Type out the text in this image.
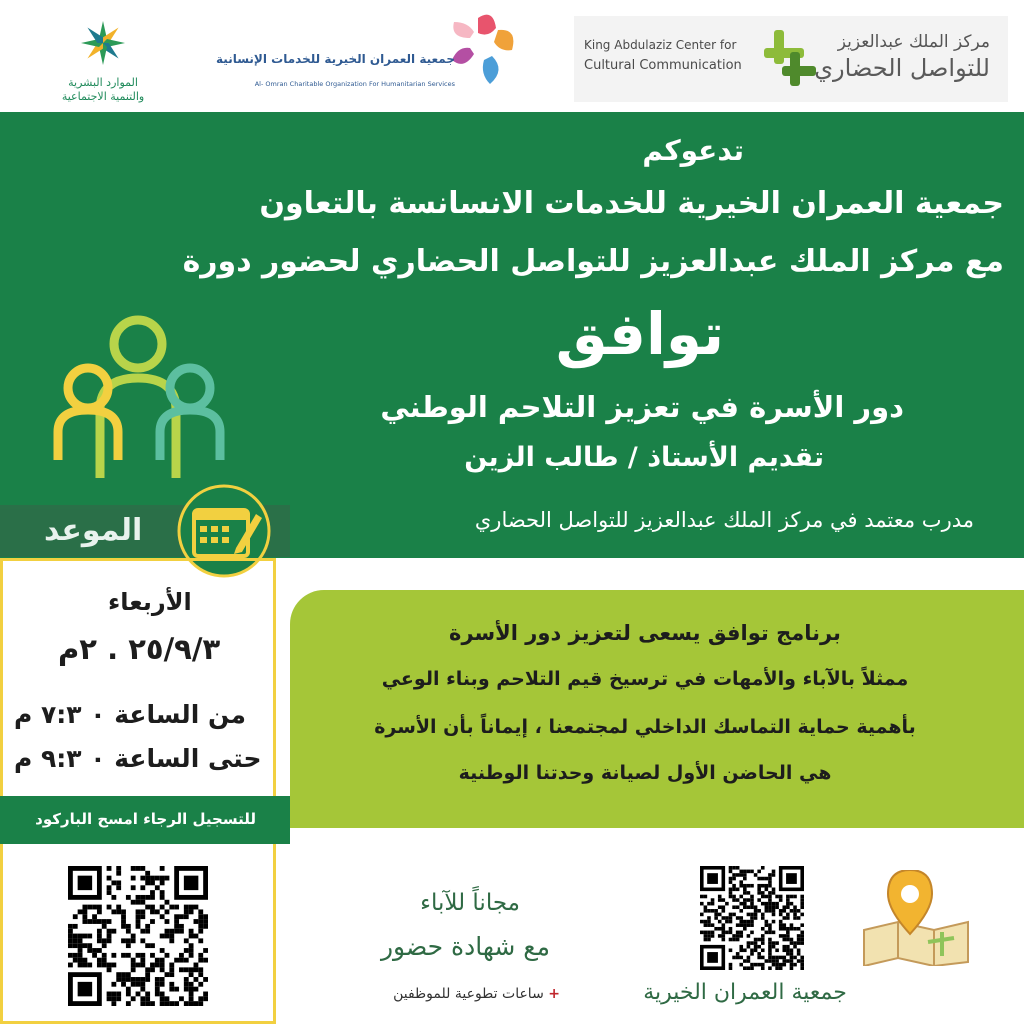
الموارد البشرية
والتنمية الاجتماعية
جمعية العمران الخيرية للخدمات الإنسانية
Al- Omran Charitable Organization For Humanitarian Services
King Abdulaziz Center for
Cultural Communication
مركز الملك عبدالعزيز
للتواصل الحضاري
تدعوكم
جمعية العمران الخيرية للخدمات الانسانسة بالتعاون
مع مركز الملك عبدالعزيز للتواصل الحضاري لحضور دورة
توافق
دور الأسرة في تعزيز التلاحم الوطني
تقديم الأستاذ / طالب الزين
مدرب معتمد في مركز الملك عبدالعزيز للتواصل الحضاري
الموعد
الأربعاء
٢٥/٩/٣ . ٢م
من الساعة ٠ ٧:٣ م
حتى الساعة ٠ ٩:٣ م
للتسجيل الرجاء امسح الباركود
برنامج توافق يسعى لتعزيز دور الأسرة
ممثلاً بالآباء والأمهات في ترسيخ قيم التلاحم وبناء الوعي
بأهمية حماية التماسك الداخلي لمجتمعنا ، إيماناً بأن الأسرة
هي الحاضن الأول لصيانة وحدتنا الوطنية
مجاناً للآباء
مع شهادة حضور
+ ساعات تطوعية للموظفين	جمعية العمران الخيرية
